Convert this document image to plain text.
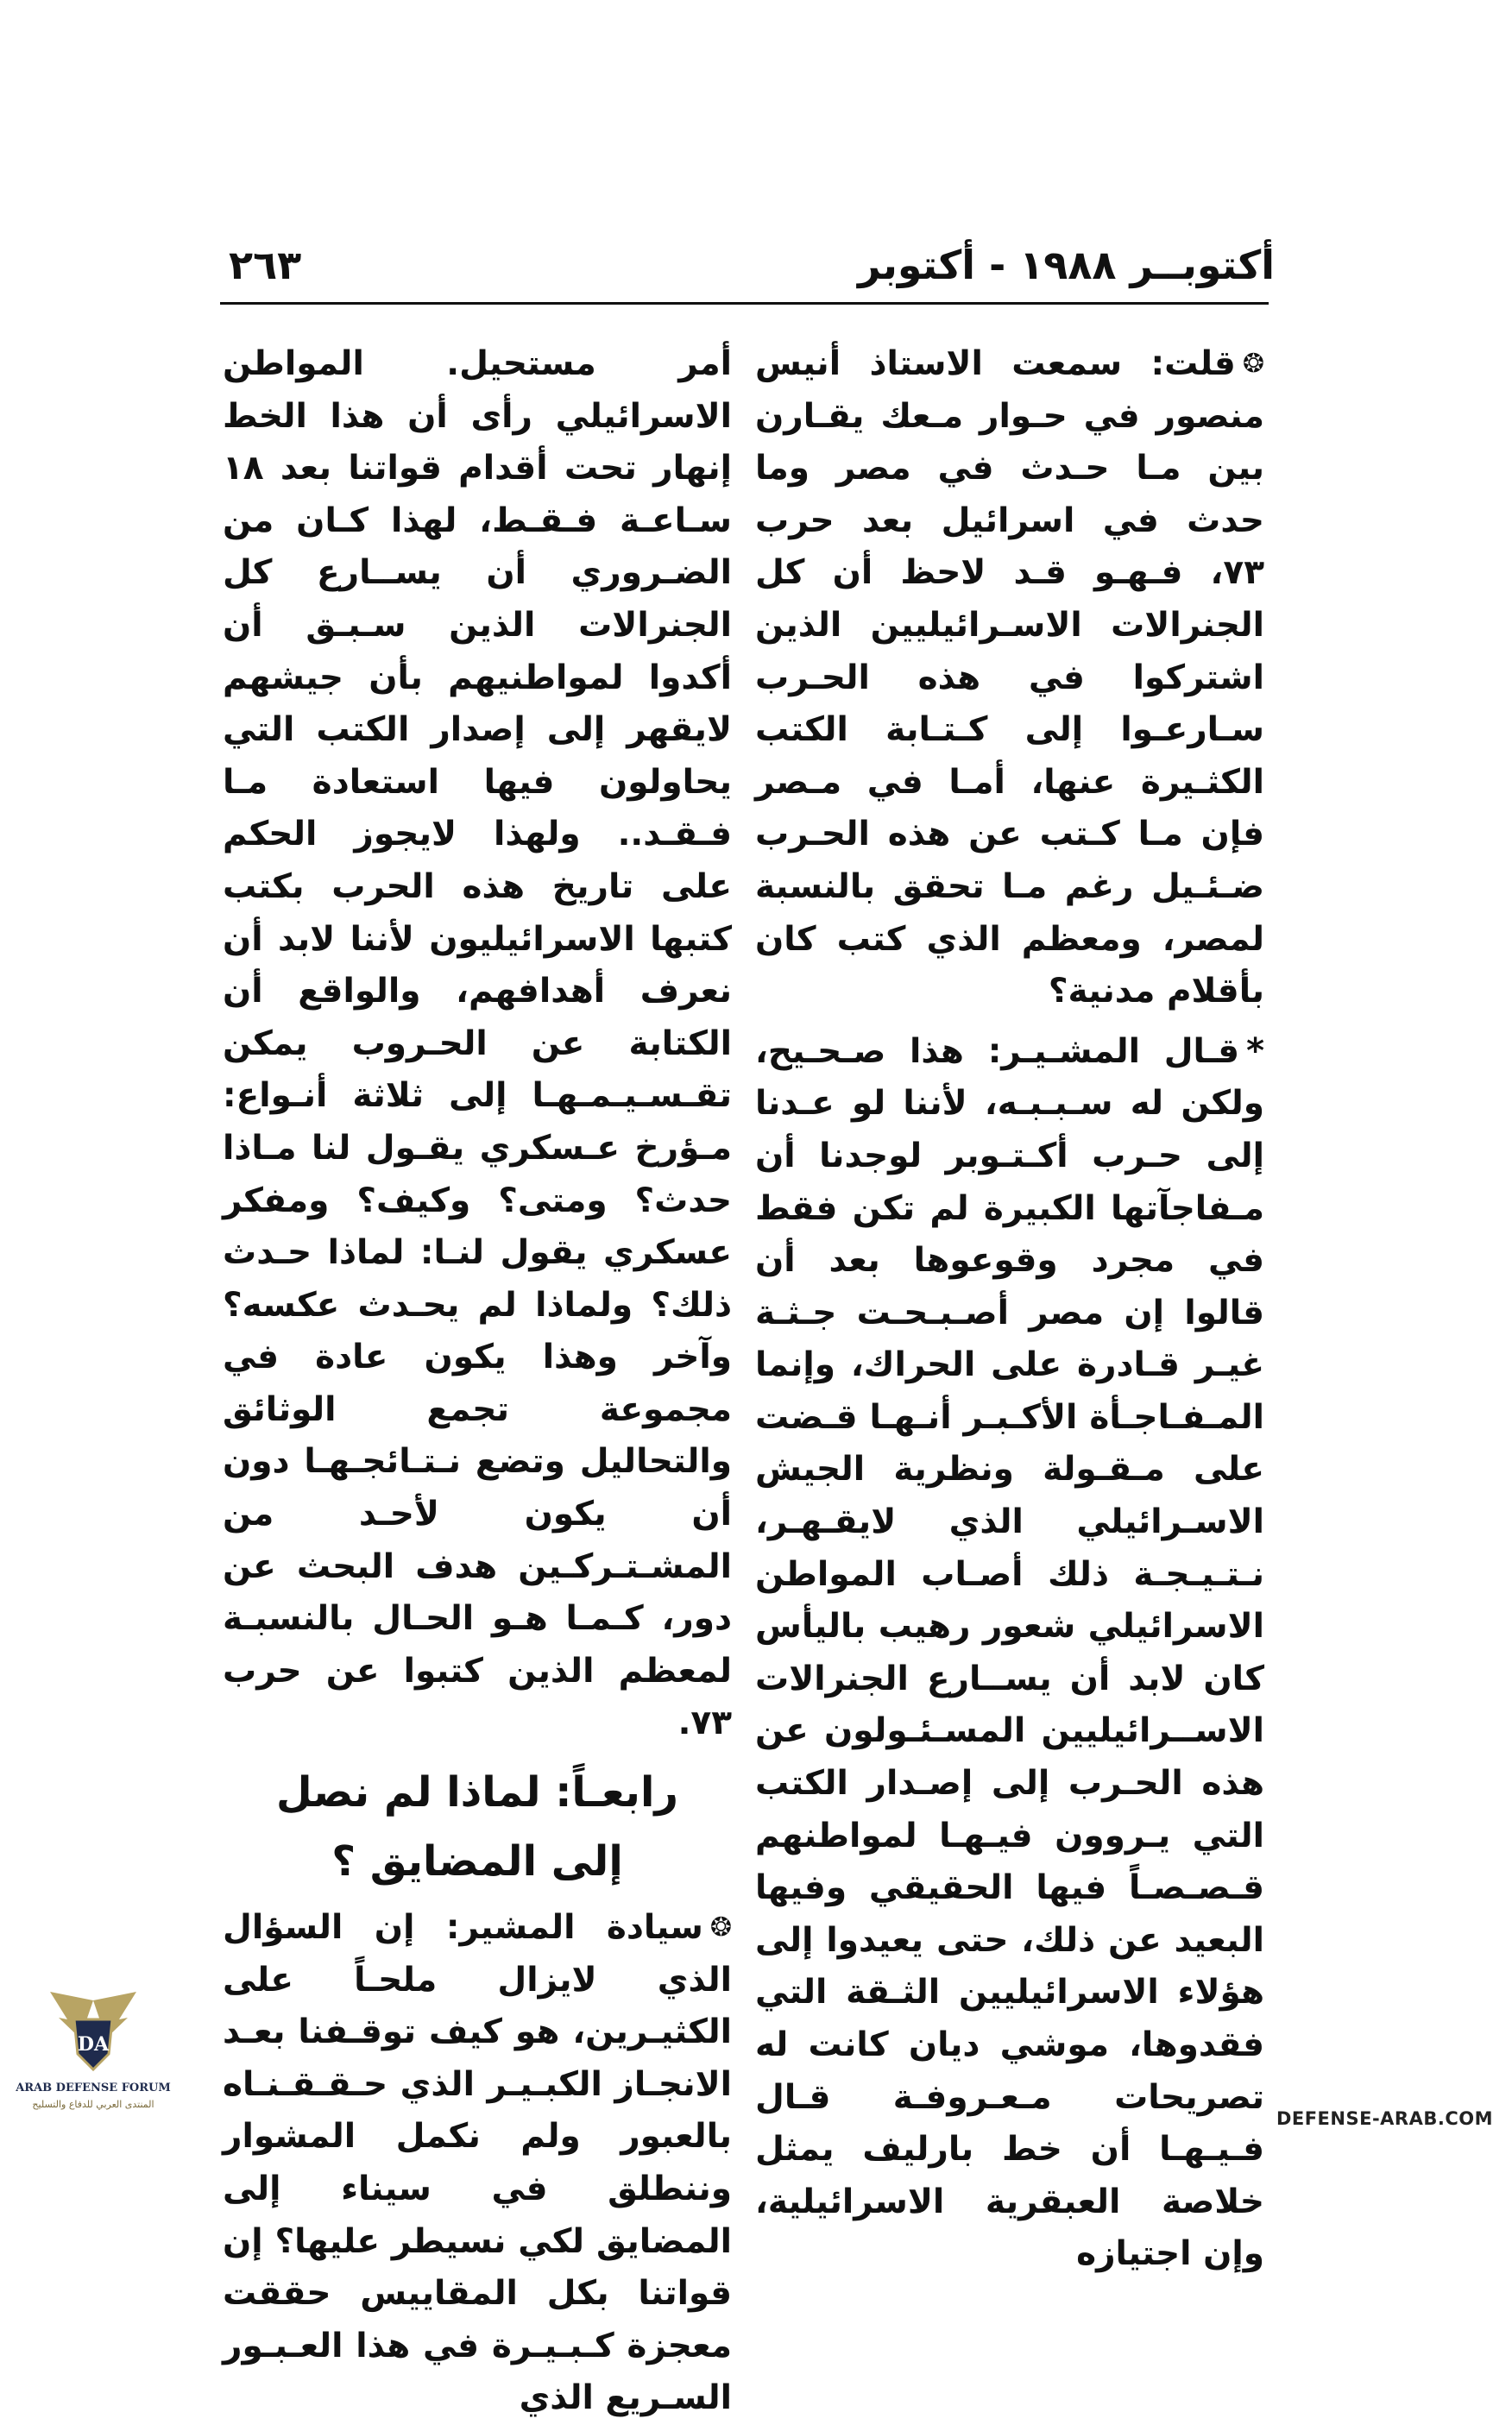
أكتوبــر ١٩٨٨ - أكتوبر
٢٦٣

❂قلت: سمعت الاستاذ أنيس منصور في حـوار مـعك يقـارن بين مـا حـدث في مصر وما حدث في اسرائيل بعد حرب ٧٣، فـهـو قـد لاحظ أن كل الجنرالات الاسـرائيليين الذين اشتركوا في هذه الحـرب سـارعـوا إلى كـتـابة الكتب الكثـيرة عنها، أمـا في مـصر فإن مـا كـتب عن هذه الحـرب ضـئـيل رغم مـا تحقق بالنسبة لمصر، ومعظم الذي كتب كان بأقلام مدنية؟

*قـال المشـيـر: هذا صـحـيح، ولكن له سـبـبـه، لأننا لو عـدنا إلى حـرب أكـتـوبر لوجدنا أن مـفاجآتها الكبيرة لم تكن فقط في مجرد وقوعوها بعد أن قالوا إن مصر أصـبـحـت جـثـة غيـر قـادرة على الحراك، وإنما المـفـاجـأة الأكـبـر أنـهـا قـضت على مـقـولة ونظرية الجيش الاسـرائيلي الذي لايقـهـر، نـتـيـجـة ذلك أصـاب المواطن الاسرائيلي شعور رهيب باليأس كان لابد أن يســارع الجنرالات الاســرائيليين المسـئـولون عن هذه الحـرب إلى إصـدار الكتب التي يـروون فيـهـا لمواطنهم قـصـصـاً فيها الحقيقي وفيها البعيد عن ذلك، حتى يعيدوا إلى هؤلاء الاسرائيليين الثـقة التي فقدوها، موشي ديان كانت له تصريحات مـعـروفـة قـال فـيـهـا أن خط بارليف يمثل خلاصة العبقرية الاسرائيلية، وإن اجتيازه

أمر مستحيل. المواطن الاسرائيلي رأى أن هذا الخط إنهار تحت أقدام قواتنا بعد ١٨ سـاعـة فـقـط، لهذا كـان من الضـروري أن يســارع كل الجنرالات الذين سـبـق أن أكدوا لمواطنيهم بأن جيشهم لايقهر إلى إصدار الكتب التي يحاولون فيها استعادة مـا فـقـد.. ولهذا لايجوز الحكم على تاريخ هذه الحرب بكتب كتبها الاسرائيليون لأننا لابد أن نعرف أهدافهم، والواقع أن الكتابة عن الحـروب يمكن تقـسـيـمـهـا إلى ثلاثة أنـواع: مـؤرخ عـسكري يقـول لنا مـاذا حدث؟ ومتى؟ وكيف؟ ومفكر عسكري يقول لنـا: لماذا حـدث ذلك؟ ولماذا لم يحـدث عكسه؟ وآخر وهذا يكون عادة في مجموعة تجمع الوثائق والتحاليل وتضع نـتـائجـهـا دون أن يكون لأحـد من المشـتـركـين هدف البحث عن دور، كـمـا هـو الحـال بالنسبـة لمعظم الذين كتبوا عن حرب ٧٣.

رابعـاً: لماذا لم نصل

إلى المضايق ؟

❂سيادة المشير: إن السؤال الذي لايزال ملحـاً على الكثيـرين، هو كيف توقـفنا بعـد الانجـاز الكبـيـر الذي حـقـقـنـاه بالعبور ولم نكمل المشوار وننطلق في سيناء إلى المضايق لكي نسيطر عليها؟ إن قواتنا بكل المقاييس حققت معجزة كـبـيـرة في هذا العـبـور السـريع الذي

DA
ARAB DEFENSE FORUM
المنتدى العربي للدفاع والتسليح
DEFENSE-ARAB.COM
